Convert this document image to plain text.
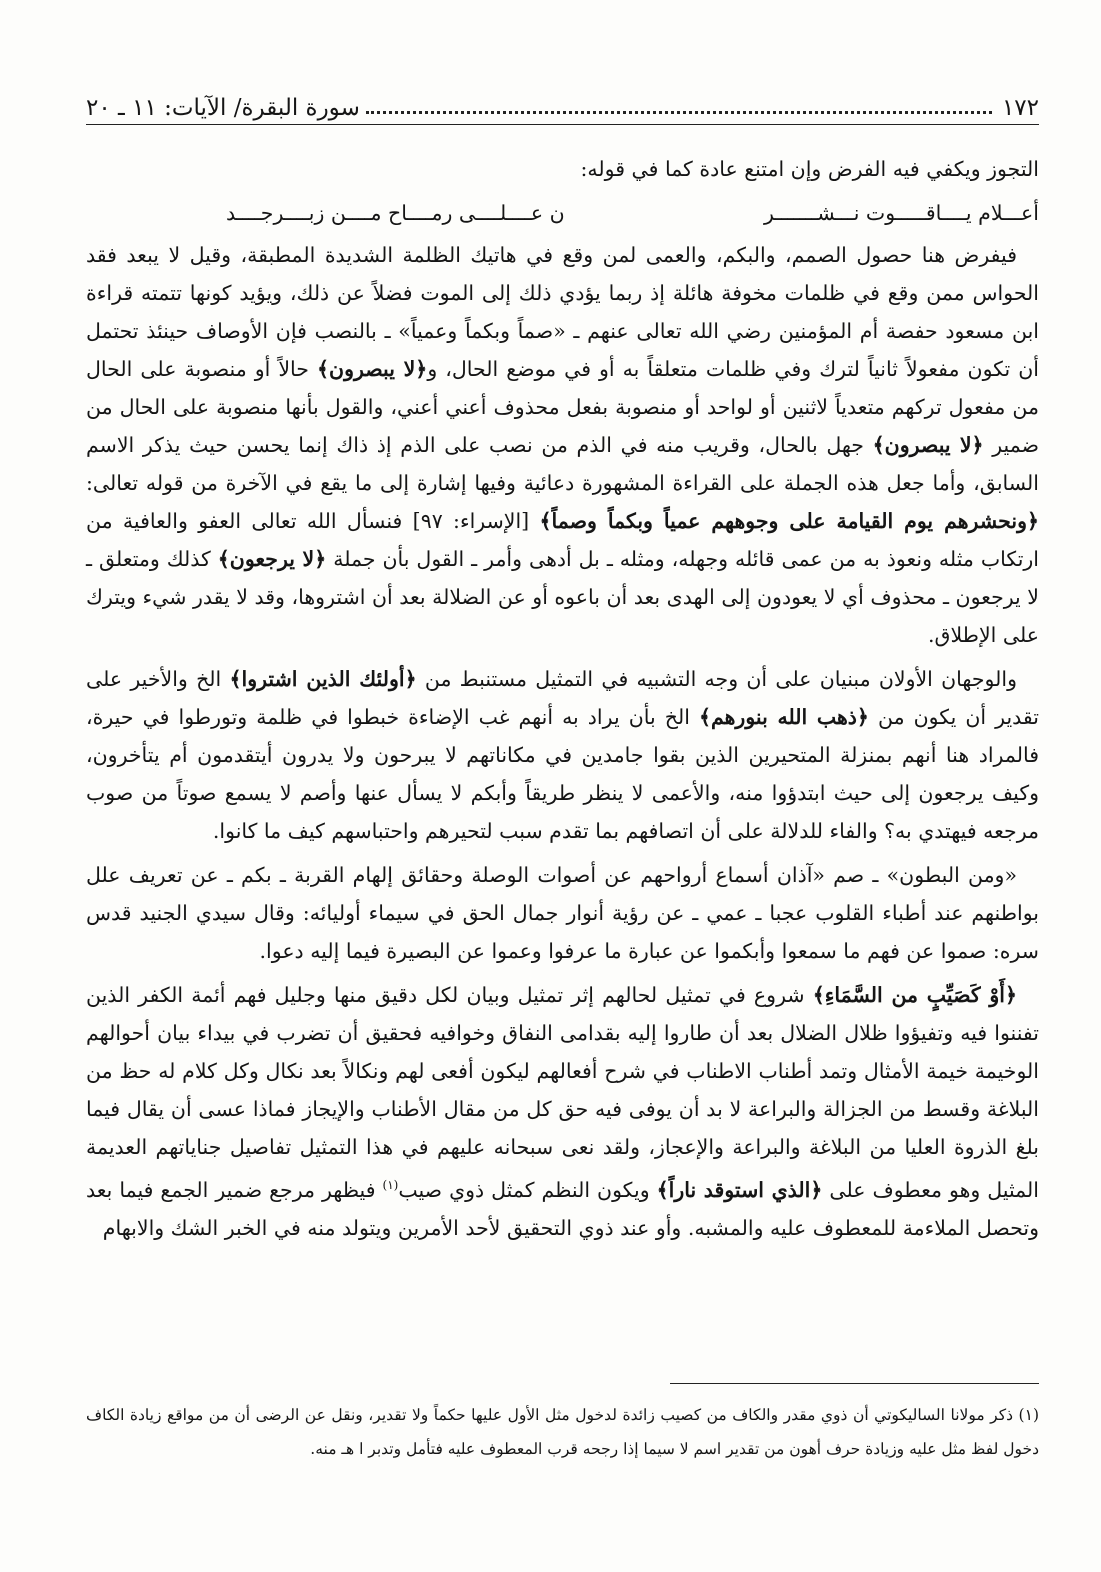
١٧٢
سورة البقرة/ الآيات: ١١ ـ ٢٠

التجوز ويكفي فيه الفرض وإن امتنع عادة كما في قوله:

أعـــلام يــــاقـــــوت نـــشـــــــر
ن عــــلــــى رمــــاح مــــن زبــــرجــــد

فيفرض هنا حصول الصمم، والبكم، والعمى لمن وقع في هاتيك الظلمة الشديدة المطبقة، وقيل لا يبعد فقد الحواس ممن وقع في ظلمات مخوفة هائلة إذ ربما يؤدي ذلك إلى الموت فضلاً عن ذلك، ويؤيد كونها تتمته قراءة ابن مسعود حفصة أم المؤمنين رضي الله تعالى عنهم ـ «صماً وبكماً وعمياً» ـ بالنصب فإن الأوصاف حينئذ تحتمل أن تكون مفعولاً ثانياً لترك وفي ظلمات متعلقاً به أو في موضع الحال، و﴿لا يبصرون﴾ حالاً أو منصوبة على الحال من مفعول تركهم متعدياً لاثنين أو لواحد أو منصوبة بفعل محذوف أعني أعني، والقول بأنها منصوبة على الحال من ضمير ﴿لا يبصرون﴾ جهل بالحال، وقريب منه في الذم من نصب على الذم إذ ذاك إنما يحسن حيث يذكر الاسم السابق، وأما جعل هذه الجملة على القراءة المشهورة دعائية وفيها إشارة إلى ما يقع في الآخرة من قوله تعالى:﴿ونحشرهم يوم القيامة على وجوههم عمياً وبكماً وصماً﴾ [الإسراء: ٩٧] فنسأل الله تعالى العفو والعافية من ارتكاب مثله ونعوذ به من عمى قائله وجهله، ومثله ـ بل أدهى وأمر ـ القول بأن جملة ﴿لا يرجعون﴾ كذلك ومتعلق ـ لا يرجعون ـ محذوف أي لا يعودون إلى الهدى بعد أن باعوه أو عن الضلالة بعد أن اشتروها، وقد لا يقدر شيء ويترك على الإطلاق.

والوجهان الأولان مبنيان على أن وجه التشبيه في التمثيل مستنبط من ﴿أولئك الذين اشتروا﴾ الخ والأخير على تقدير أن يكون من ﴿ذهب الله بنورهم﴾ الخ بأن يراد به أنهم غب الإضاءة خبطوا في ظلمة وتورطوا في حيرة، فالمراد هنا أنهم بمنزلة المتحيرين الذين بقوا جامدين في مكاناتهم لا يبرحون ولا يدرون أيتقدمون أم يتأخرون، وكيف يرجعون إلى حيث ابتدؤوا منه، والأعمى لا ينظر طريقاً وأبكم لا يسأل عنها وأصم لا يسمع صوتاً من صوب مرجعه فيهتدي به؟ والفاء للدلالة على أن اتصافهم بما تقدم سبب لتحيرهم واحتباسهم كيف ما كانوا.

«ومن البطون» ـ صم «آذان أسماع أرواحهم عن أصوات الوصلة وحقائق إلهام القربة ـ بكم ـ عن تعريف علل بواطنهم عند أطباء القلوب عجبا ـ عمي ـ عن رؤية أنوار جمال الحق في سيماء أوليائه: وقال سيدي الجنيد قدس سره: صموا عن فهم ما سمعوا وأبكموا عن عبارة ما عرفوا وعموا عن البصيرة فيما إليه دعوا.

﴿أَوْ كَصَيِّبٍ من السَّمَاءِ﴾ شروع في تمثيل لحالهم إثر تمثيل وبيان لكل دقيق منها وجليل فهم أئمة الكفر الذين تفننوا فيه وتفيؤوا ظلال الضلال بعد أن طاروا إليه بقدامى النفاق وخوافيه فحقيق أن تضرب في بيداء بيان أحوالهم الوخيمة خيمة الأمثال وتمد أطناب الاطناب في شرح أفعالهم ليكون أفعى لهم ونكالاً بعد نكال وكل كلام له حظ من البلاغة وقسط من الجزالة والبراعة لا بد أن يوفى فيه حق كل من مقال الأطناب والإيجاز فماذا عسى أن يقال فيما بلغ الذروة العليا من البلاغة والبراعة والإعجاز، ولقد نعى سبحانه عليهم في هذا التمثيل تفاصيل جناياتهم العديمة المثيل وهو معطوف على ﴿الذي استوقد ناراً﴾ ويكون النظم كمثل ذوي صيب$^{(١)}$ فيظهر مرجع ضمير الجمع فيما بعد وتحصل الملاءمة للمعطوف عليه والمشبه. وأو عند ذوي التحقيق لأحد الأمرين ويتولد منه في الخبر الشك والابهام

(١) ذكر مولانا الساليكوتي أن ذوي مقدر والكاف من كصيب زائدة لدخول مثل الأول عليها حكماً ولا تقدير، ونقل عن الرضى أن من مواقع زيادة الكاف دخول لفظ مثل عليه وزيادة حرف أهون من تقدير اسم لا سيما إذا رجحه قرب المعطوف عليه فتأمل وتدبر ا هـ منه.
